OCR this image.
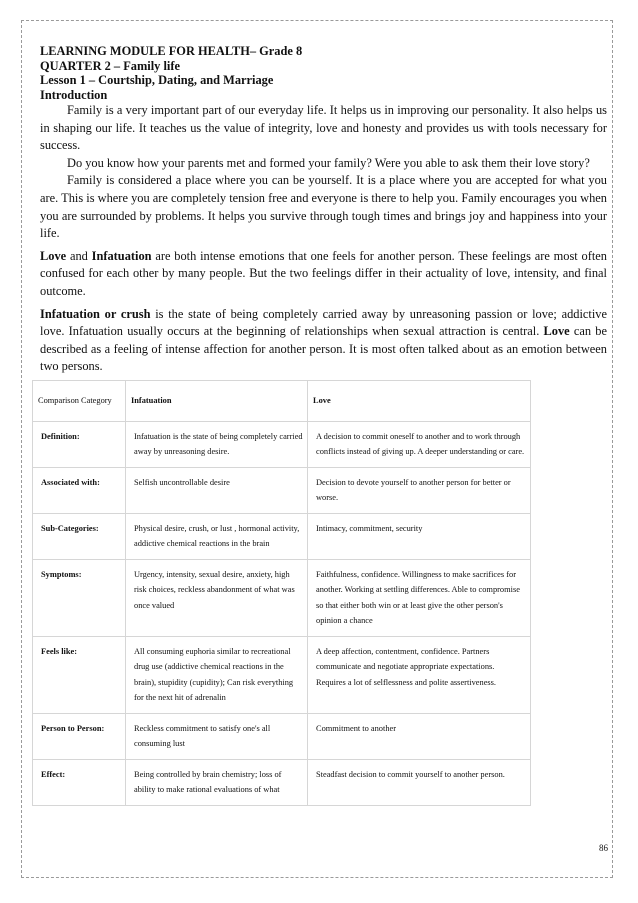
LEARNING MODULE FOR HEALTH– Grade 8

QUARTER 2 – Family life

Lesson 1 – Courtship, Dating, and Marriage

Introduction

Family is a very important part of our everyday life. It helps us in improving our personality. It also helps us in shaping our life. It teaches us the value of integrity, love and honesty and provides us with tools necessary for success.

Do you know how your parents met and formed your family? Were you able to ask them their love story?

Family is considered a place where you can be yourself. It is a place where you are accepted for what you are. This is where you are completely tension free and everyone is there to help you. Family encourages you when you are surrounded by problems. It helps you survive through tough times and brings joy and happiness into your life.

Love and Infatuation are both intense emotions that one feels for another person. These feelings are most often confused for each other by many people. But the two feelings differ in their actuality of love, intensity, and final outcome.

Infatuation or crush is the state of being completely carried away by unreasoning passion or love; addictive love. Infatuation usually occurs at the beginning of relationships when sexual attraction is central. Love can be described as a feeling of intense affection for another person. It is most often talked about as an emotion between two persons.

Comparison Category	Infatuation	Love
Definition:	Infatuation is the state of being completely carried away by unreasoning desire.	A decision to commit oneself to another and to work through conflicts instead of giving up. A deeper understanding or care.
Associated with:	Selfish uncontrollable desire	Decision to devote yourself to another person for better or worse.
Sub-Categories:	Physical desire, crush, or lust , hormonal activity, addictive chemical reactions in the brain	Intimacy, commitment, security
Symptoms:	Urgency, intensity, sexual desire, anxiety, high risk choices, reckless abandonment of what was once valued	Faithfulness, confidence. Willingness to make sacrifices for another. Working at settling differences. Able to compromise so that either both win or at least give the other person's opinion a chance
Feels like:	All consuming euphoria similar to recreational drug use (addictive chemical reactions in the brain), stupidity (cupidity); Can risk everything for the next hit of adrenalin	A deep affection, contentment, confidence. Partners communicate and negotiate appropriate expectations. Requires a lot of selflessness and polite assertiveness.
Person to Person:	Reckless commitment to satisfy one's all consuming lust	Commitment to another
Effect:	Being controlled by brain chemistry; loss of ability to make rational evaluations of what	Steadfast decision to commit yourself to another person.
86
